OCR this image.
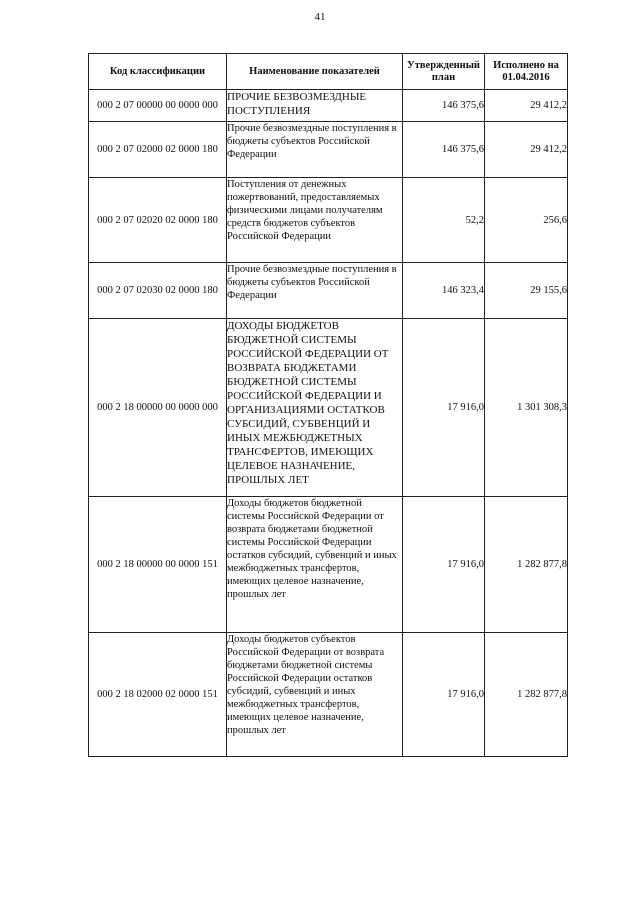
41
Код классификации	Наименование показателей	Утвержденный план	Исполнено на 01.04.2016
000 2 07 00000 00 0000 000	ПРОЧИЕ БЕЗВОЗМЕЗДНЫЕ ПОСТУПЛЕНИЯ	146 375,6	29 412,2
000 2 07 02000 02 0000 180	Прочие безвозмездные поступления в бюджеты субъектов Российской Федерации	146 375,6	29 412,2
000 2 07 02020 02 0000 180	Поступления от денежных пожертвований, предоставляемых физическими лицами получателям средств бюджетов субъектов Российской Федерации	52,2	256,6
000 2 07 02030 02 0000 180	Прочие безвозмездные поступления в бюджеты субъектов Российской Федерации	146 323,4	29 155,6
000 2 18 00000 00 0000 000	ДОХОДЫ БЮДЖЕТОВ БЮДЖЕТНОЙ СИСТЕМЫ РОССИЙСКОЙ ФЕДЕРАЦИИ ОТ ВОЗВРАТА БЮДЖЕТАМИ БЮДЖЕТНОЙ СИСТЕМЫ РОССИЙСКОЙ ФЕДЕРАЦИИ И ОРГАНИЗАЦИЯМИ ОСТАТКОВ СУБСИДИЙ, СУБВЕНЦИЙ И ИНЫХ МЕЖБЮДЖЕТНЫХ ТРАНСФЕРТОВ, ИМЕЮЩИХ ЦЕЛЕВОЕ НАЗНАЧЕНИЕ, ПРОШЛЫХ ЛЕТ	17 916,0	1 301 308,3
000 2 18 00000 00 0000 151	Доходы бюджетов бюджетной системы Российской Федерации от возврата бюджетами бюджетной системы Российской Федерации остатков субсидий, субвенций и иных межбюджетных трансфертов, имеющих целевое назначение, прошлых лет	17 916,0	1 282 877,8
000 2 18 02000 02 0000 151	Доходы бюджетов субъектов Российской Федерации от возврата бюджетами бюджетной системы Российской Федерации остатков субсидий, субвенций и иных межбюджетных трансфертов, имеющих целевое назначение, прошлых лет	17 916,0	1 282 877,8
